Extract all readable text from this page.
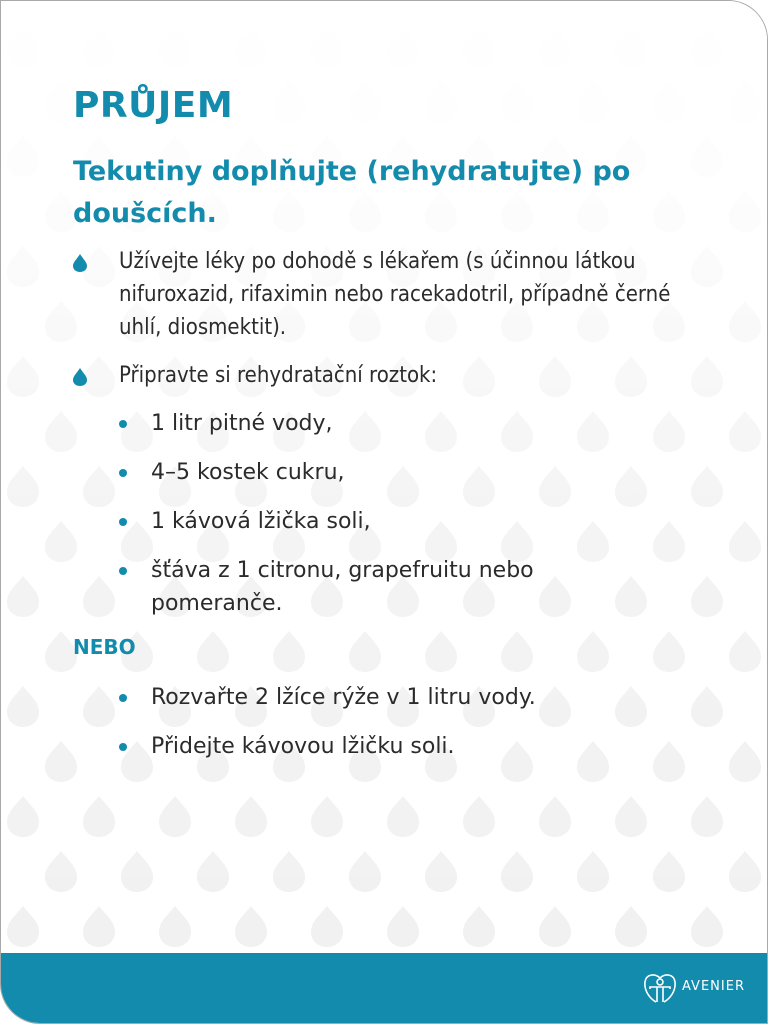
PRŮJEM
Tekutiny doplňujte (rehydratujte) po doušcích.
Užívejte léky po dohodě s lékařem (s účinnou látkou nifuroxazid, rifaximin nebo racekadotril, případně černé uhlí, diosmektit).
Připravte si rehydratační roztok:
1 litr pitné vody,
4–5 kostek cukru,
1 kávová lžička soli,
šťáva z 1 citronu, grapefruitu nebo pomeranče.
NEBO
Rozvařte 2 lžíce rýže v 1 litru vody.
Přidejte kávovou lžičku soli.
AVENIER
